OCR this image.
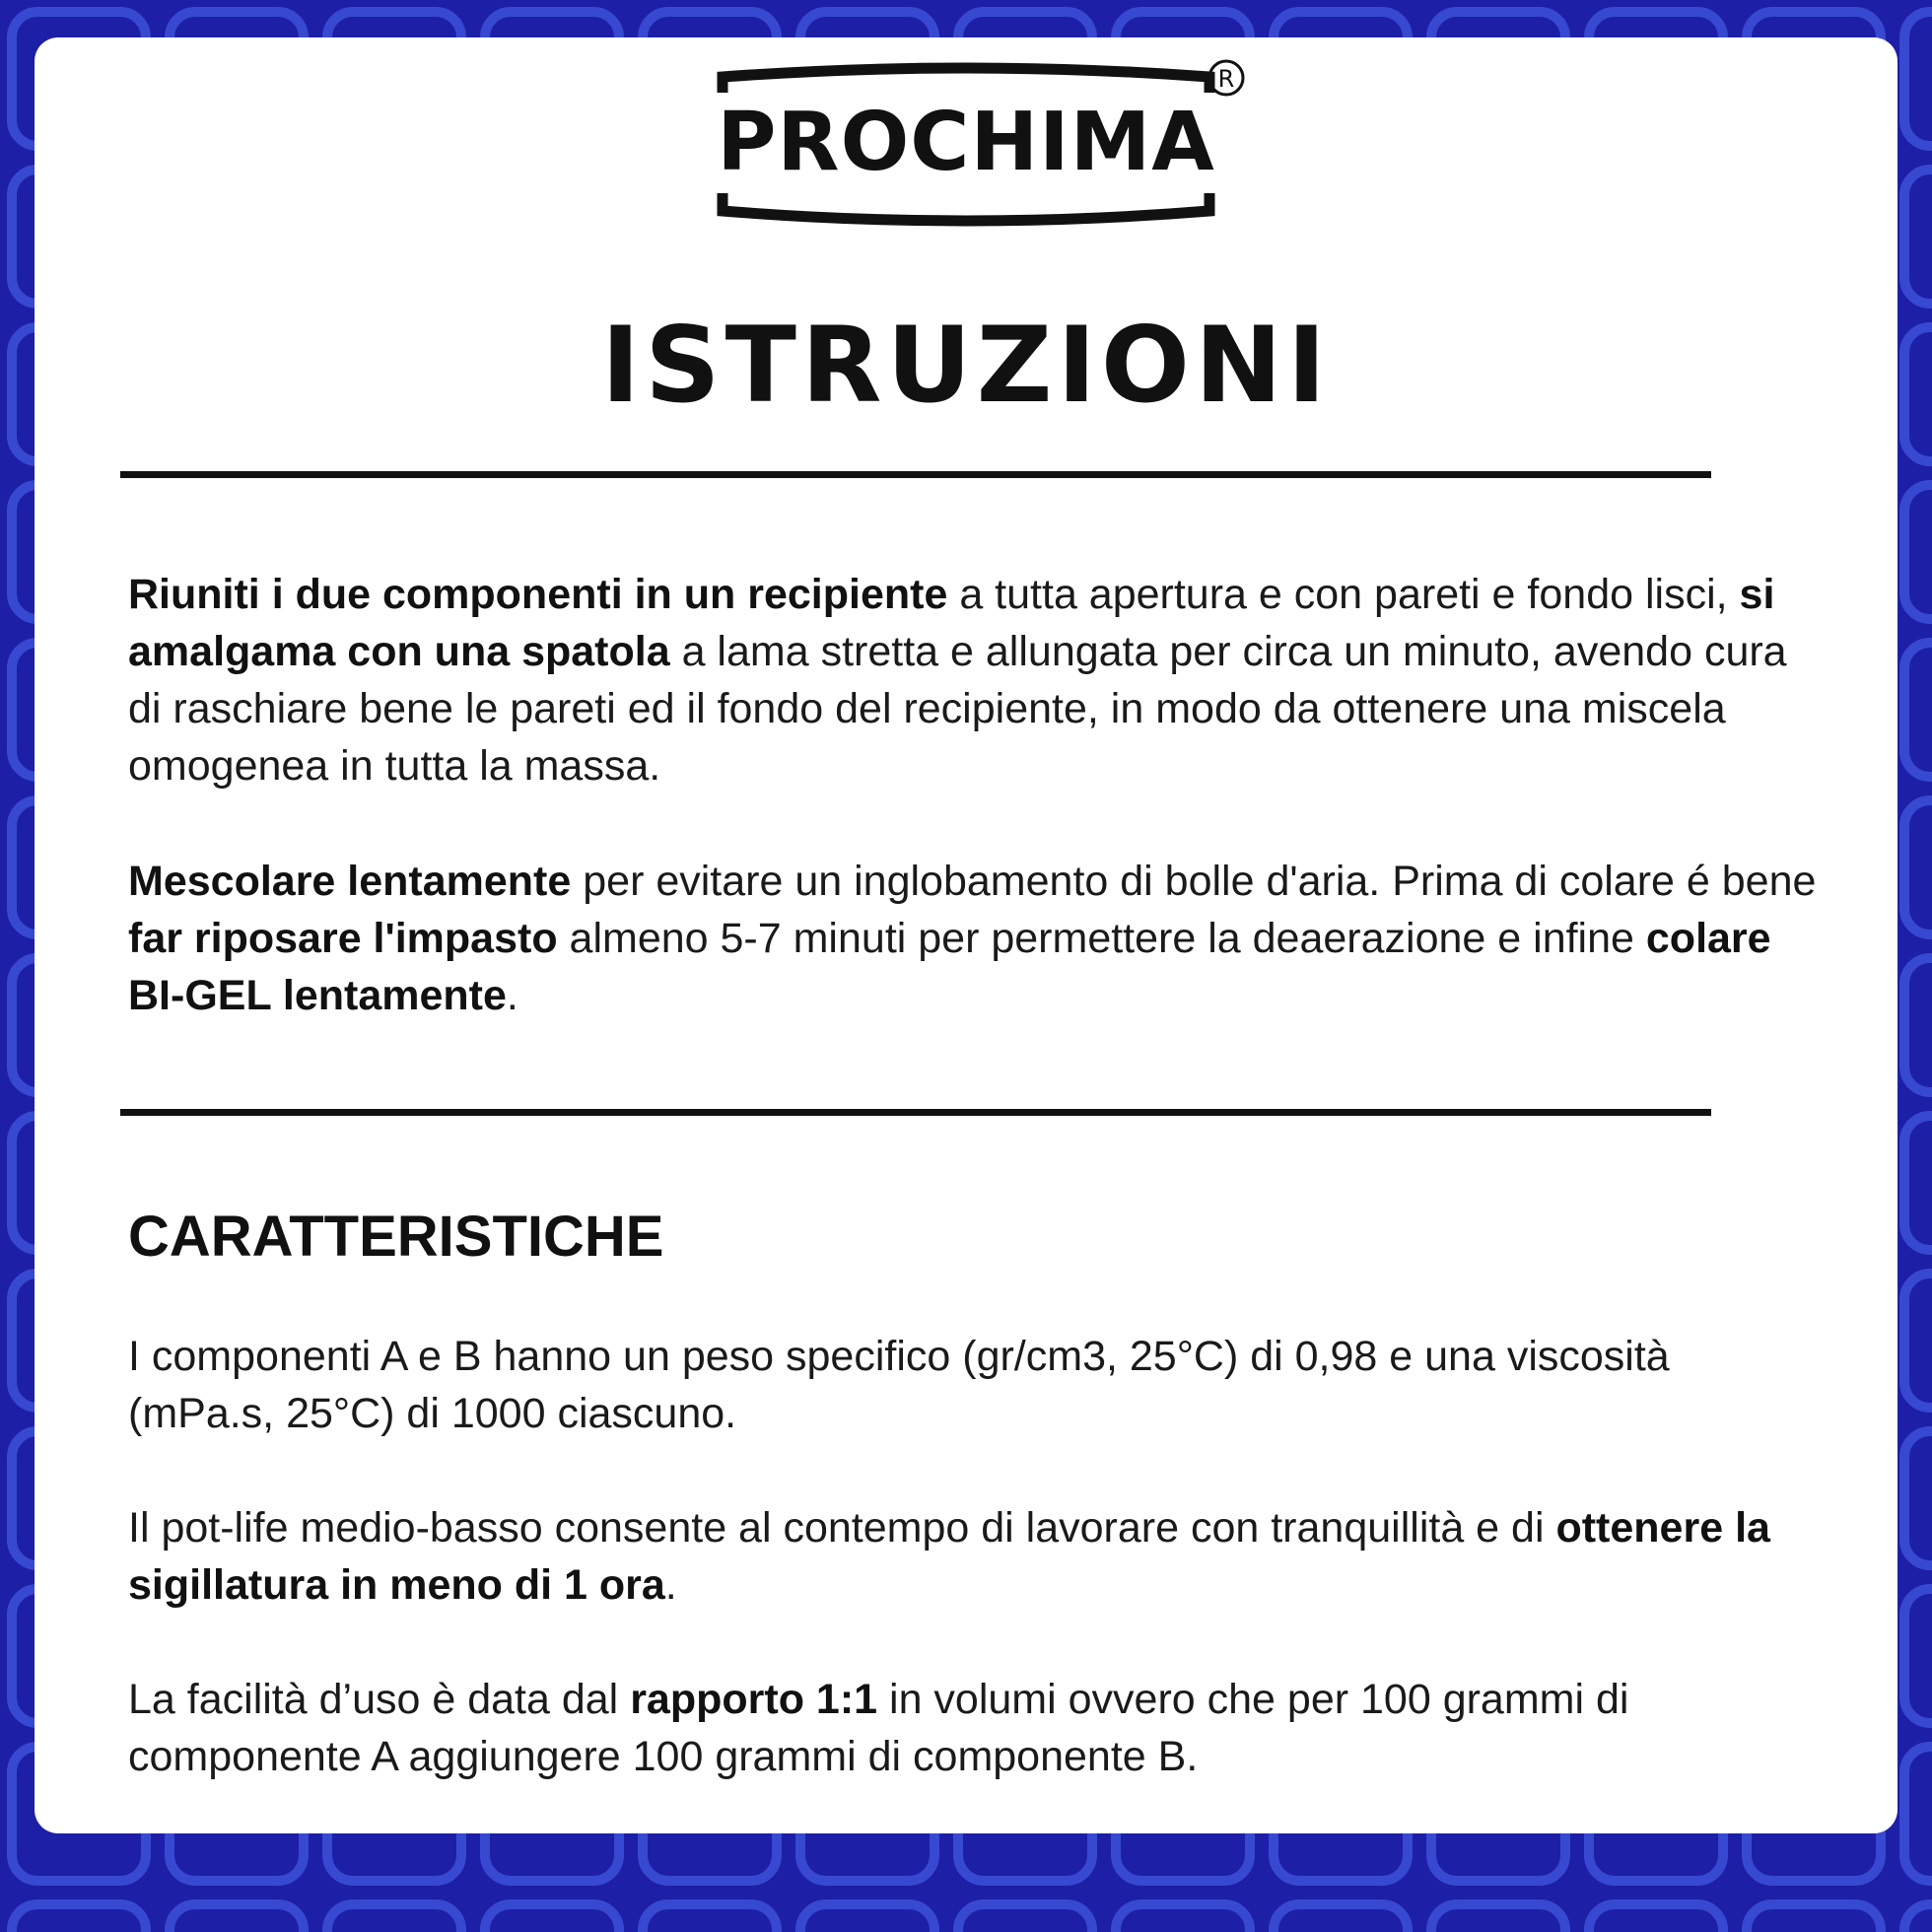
PROCHIMA
R
ISTRUZIONI

Riuniti i due componenti in un recipiente a tutta apertura e con pareti e fondo lisci, si amalgama con una spatola a lama stretta e allungata per circa un minuto, avendo cura di raschiare bene le pareti ed il fondo del recipiente, in modo da ottenere una miscela omogenea in tutta la massa.

Mescolare lentamente per evitare un inglobamento di bolle d'aria. Prima di colare é bene far riposare l'impasto almeno 5-7 minuti per permettere la deaerazione e infine colare BI-GEL lentamente.

CARATTERISTICHE

I componenti A e B hanno un peso specifico (gr/cm3, 25°C) di 0,98 e una viscosità (mPa.s, 25°C) di 1000 ciascuno.

Il pot-life medio-basso consente al contempo di lavorare con tranquillità e di ottenere la sigillatura in meno di 1 ora.

La facilità d’uso è data dal rapporto 1:1 in volumi ovvero che per 100 grammi di componente A aggiungere 100 grammi di componente B.
